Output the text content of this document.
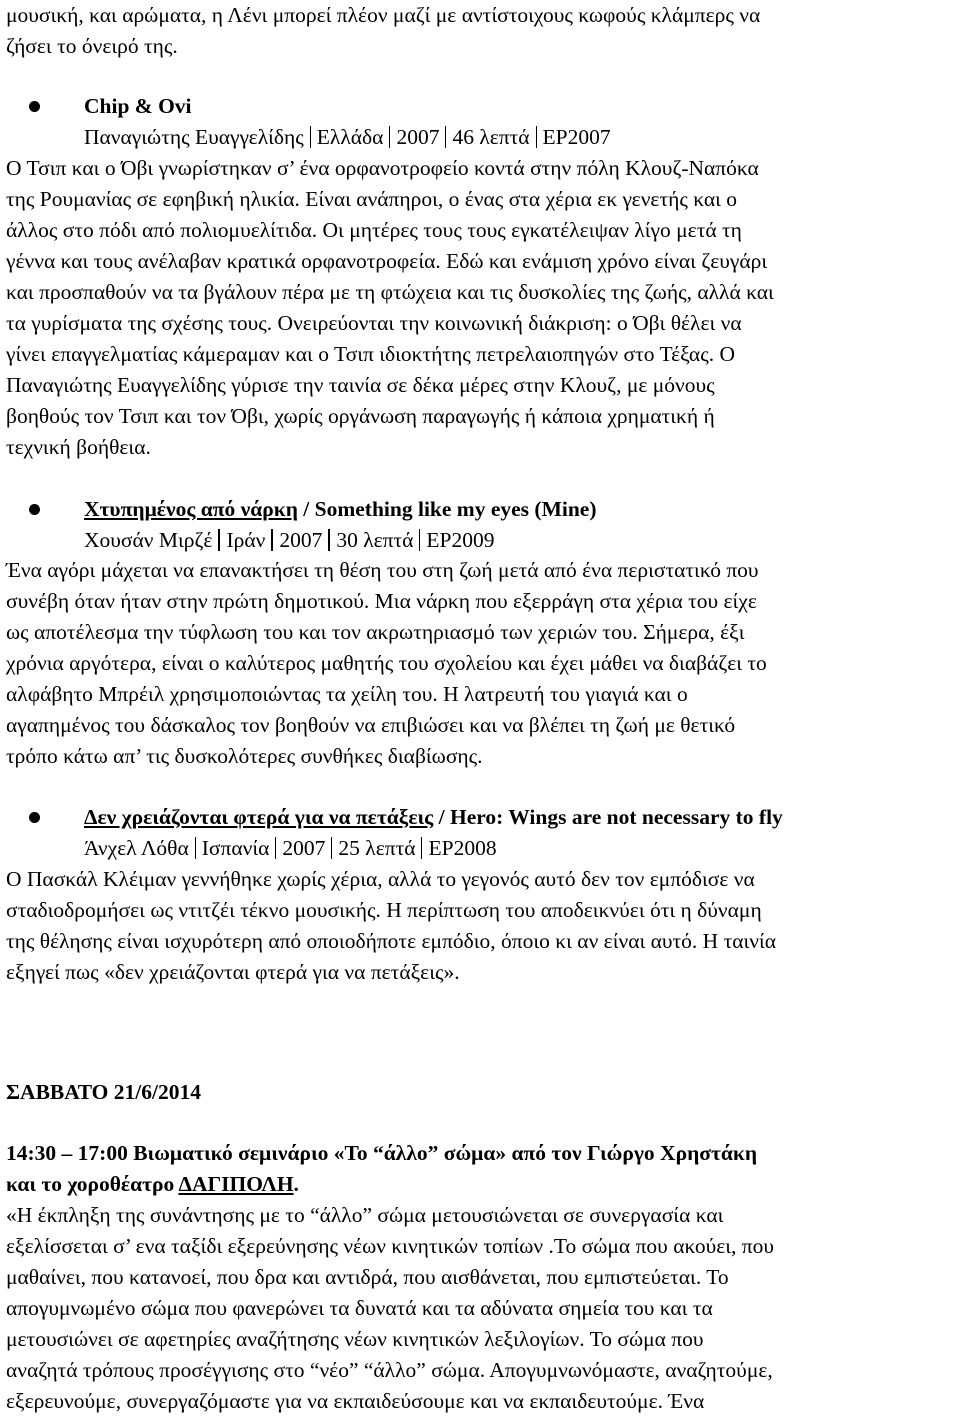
μουσική, και αρώματα, η Λένι μπορεί πλέον μαζί με αντίστοιχους κωφούς κλάμπερς να
ζήσει το όνειρό της.
Chip & Ovi
Παναγιώτης Ευαγγελίδης Ελλάδα 2007 46 λεπτά EP2007
Ο Τσιπ και ο Όβι γνωρίστηκαν σ’ ένα ορφανοτροφείο κοντά στην πόλη Κλουζ-Ναπόκα
της Ρουμανίας σε εφηβική ηλικία. Είναι ανάπηροι, ο ένας στα χέρια εκ γενετής και ο
άλλος στο πόδι από πολιομυελίτιδα. Οι μητέρες τους τους εγκατέλειψαν λίγο μετά τη
γέννα και τους ανέλαβαν κρατικά ορφανοτροφεία. Εδώ και ενάμιση χρόνο είναι ζευγάρι
και προσπαθούν να τα βγάλουν πέρα με τη φτώχεια και τις δυσκολίες της ζωής, αλλά και
τα γυρίσματα της σχέσης τους. Ονειρεύονται την κοινωνική διάκριση: ο Όβι θέλει να
γίνει επαγγελματίας κάμεραμαν και ο Τσιπ ιδιοκτήτης πετρελαιοπηγών στο Τέξας. Ο
Παναγιώτης Ευαγγελίδης γύρισε την ταινία σε δέκα μέρες στην Κλουζ, με μόνους
βοηθούς τον Τσιπ και τον Όβι, χωρίς οργάνωση παραγωγής ή κάποια χρηματική ή
τεχνική βοήθεια.
Χτυπημένος από νάρκη / Something like my eyes (Mine)
Χουσάν Μιρζέ Ιράν 2007 30 λεπτά EP2009
Ένα αγόρι μάχεται να επανακτήσει τη θέση του στη ζωή μετά από ένα περιστατικό που
συνέβη όταν ήταν στην πρώτη δημοτικού. Μια νάρκη που εξερράγη στα χέρια του είχε
ως αποτέλεσμα την τύφλωση του και τον ακρωτηριασμό των χεριών του. Σήμερα, έξι
χρόνια αργότερα, είναι ο καλύτερος μαθητής του σχολείου και έχει μάθει να διαβάζει το
αλφάβητο Μπρέιλ χρησιμοποιώντας τα χείλη του. Η λατρευτή του γιαγιά και ο
αγαπημένος του δάσκαλος τον βοηθούν να επιβιώσει και να βλέπει τη ζωή με θετικό
τρόπο κάτω απ’ τις δυσκολότερες συνθήκες διαβίωσης.
Δεν χρειάζονται φτερά για να πετάξεις / Hero: Wings are not necessary to fly
Άνχελ Λόθα Ισπανία 2007 25 λεπτά EP2008
Ο Πασκάλ Κλέιμαν γεννήθηκε χωρίς χέρια, αλλά το γεγονός αυτό δεν τον εμπόδισε να
σταδιοδρομήσει ως ντιτζέι τέκνο μουσικής. Η περίπτωση του αποδεικνύει ότι η δύναμη
της θέλησης είναι ισχυρότερη από οποιοδήποτε εμπόδιο, όποιο κι αν είναι αυτό. Η ταινία
εξηγεί πως «δεν χρειάζονται φτερά για να πετάξεις».
ΣΑΒΒΑΤΟ 21/6/2014
14:30 – 17:00 Βιωματικό σεμινάριο «Το “άλλο” σώμα» από τον Γιώργο Χρηστάκη
και το χοροθέατρο ΔΑΓΙΠΟΛΗ.
«Η έκπληξη της συνάντησης με το “άλλο” σώμα μετουσιώνεται σε συνεργασία και
εξελίσσεται σ’ ενα ταξίδι εξερεύνησης νέων κινητικών τοπίων .Το σώμα που ακούει, που
μαθαίνει, που κατανοεί, που δρα και αντιδρά, που αισθάνεται, που εμπιστεύεται. Το
απογυμνωμένο σώμα που φανερώνει τα δυνατά και τα αδύνατα σημεία του και τα
μετουσιώνει σε αφετηρίες αναζήτησης νέων κινητικών λεξιλογίων. Το σώμα που
αναζητά τρόπους προσέγγισης στο “νέο” “άλλο” σώμα. Απογυμνωνόμαστε, αναζητούμε,
εξερευνούμε, συνεργαζόμαστε για να εκπαιδεύσουμε και να εκπαιδευτούμε. Ένα
